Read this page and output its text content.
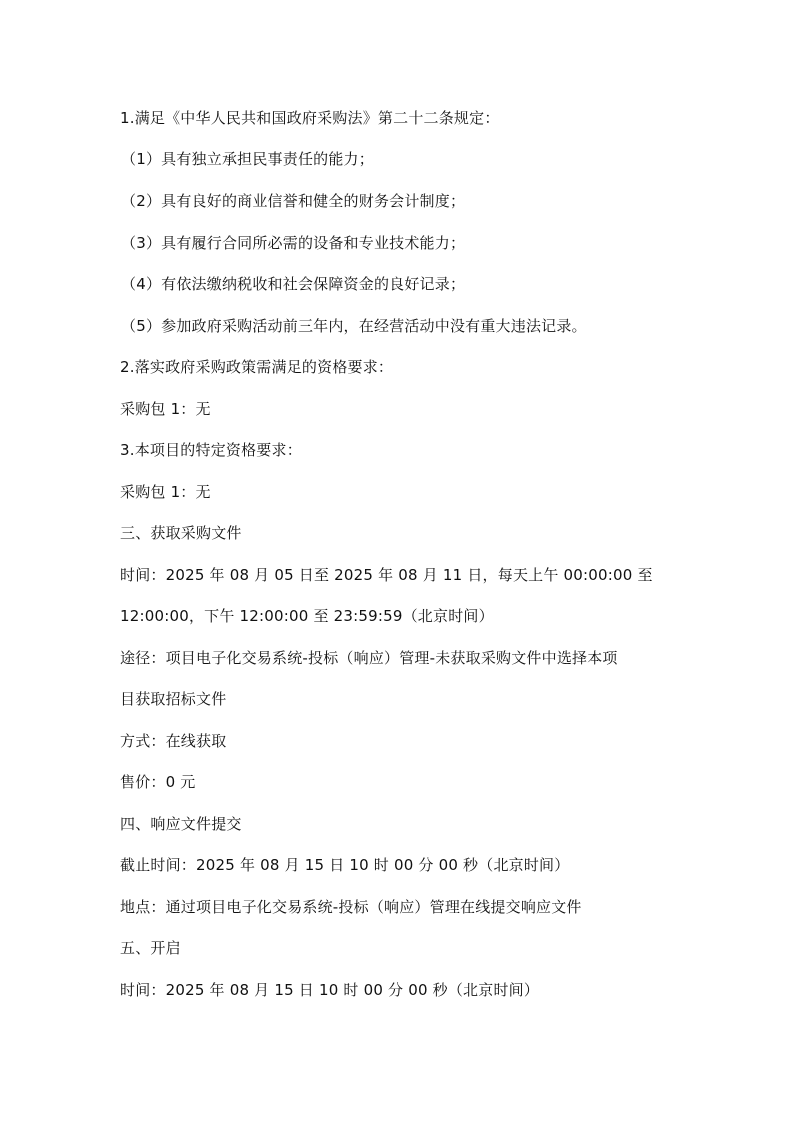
1.满足《中华人民共和国政府采购法》第二十二条规定：

（1）具有独立承担民事责任的能力；

（2）具有良好的商业信誉和健全的财务会计制度；

（3）具有履行合同所必需的设备和专业技术能力；

（4）有依法缴纳税收和社会保障资金的良好记录；

（5）参加政府采购活动前三年内，在经营活动中没有重大违法记录。

2.落实政府采购政策需满足的资格要求：

采购包 1：无

3.本项目的特定资格要求：

采购包 1：无

三、获取采购文件

时间：2025 年 08 月 05 日至 2025 年 08 月 11 日，每天上午 00:00:00 至

12:00:00，下午 12:00:00 至 23:59:59（北京时间）

途径：项目电子化交易系统-投标（响应）管理-未获取采购文件中选择本项

目获取招标文件

方式：在线获取

售价：0 元

四、响应文件提交

截止时间：2025 年 08 月 15 日 10 时 00 分 00 秒（北京时间）

地点：通过项目电子化交易系统-投标（响应）管理在线提交响应文件

五、开启

时间：2025 年 08 月 15 日 10 时 00 分 00 秒（北京时间）
